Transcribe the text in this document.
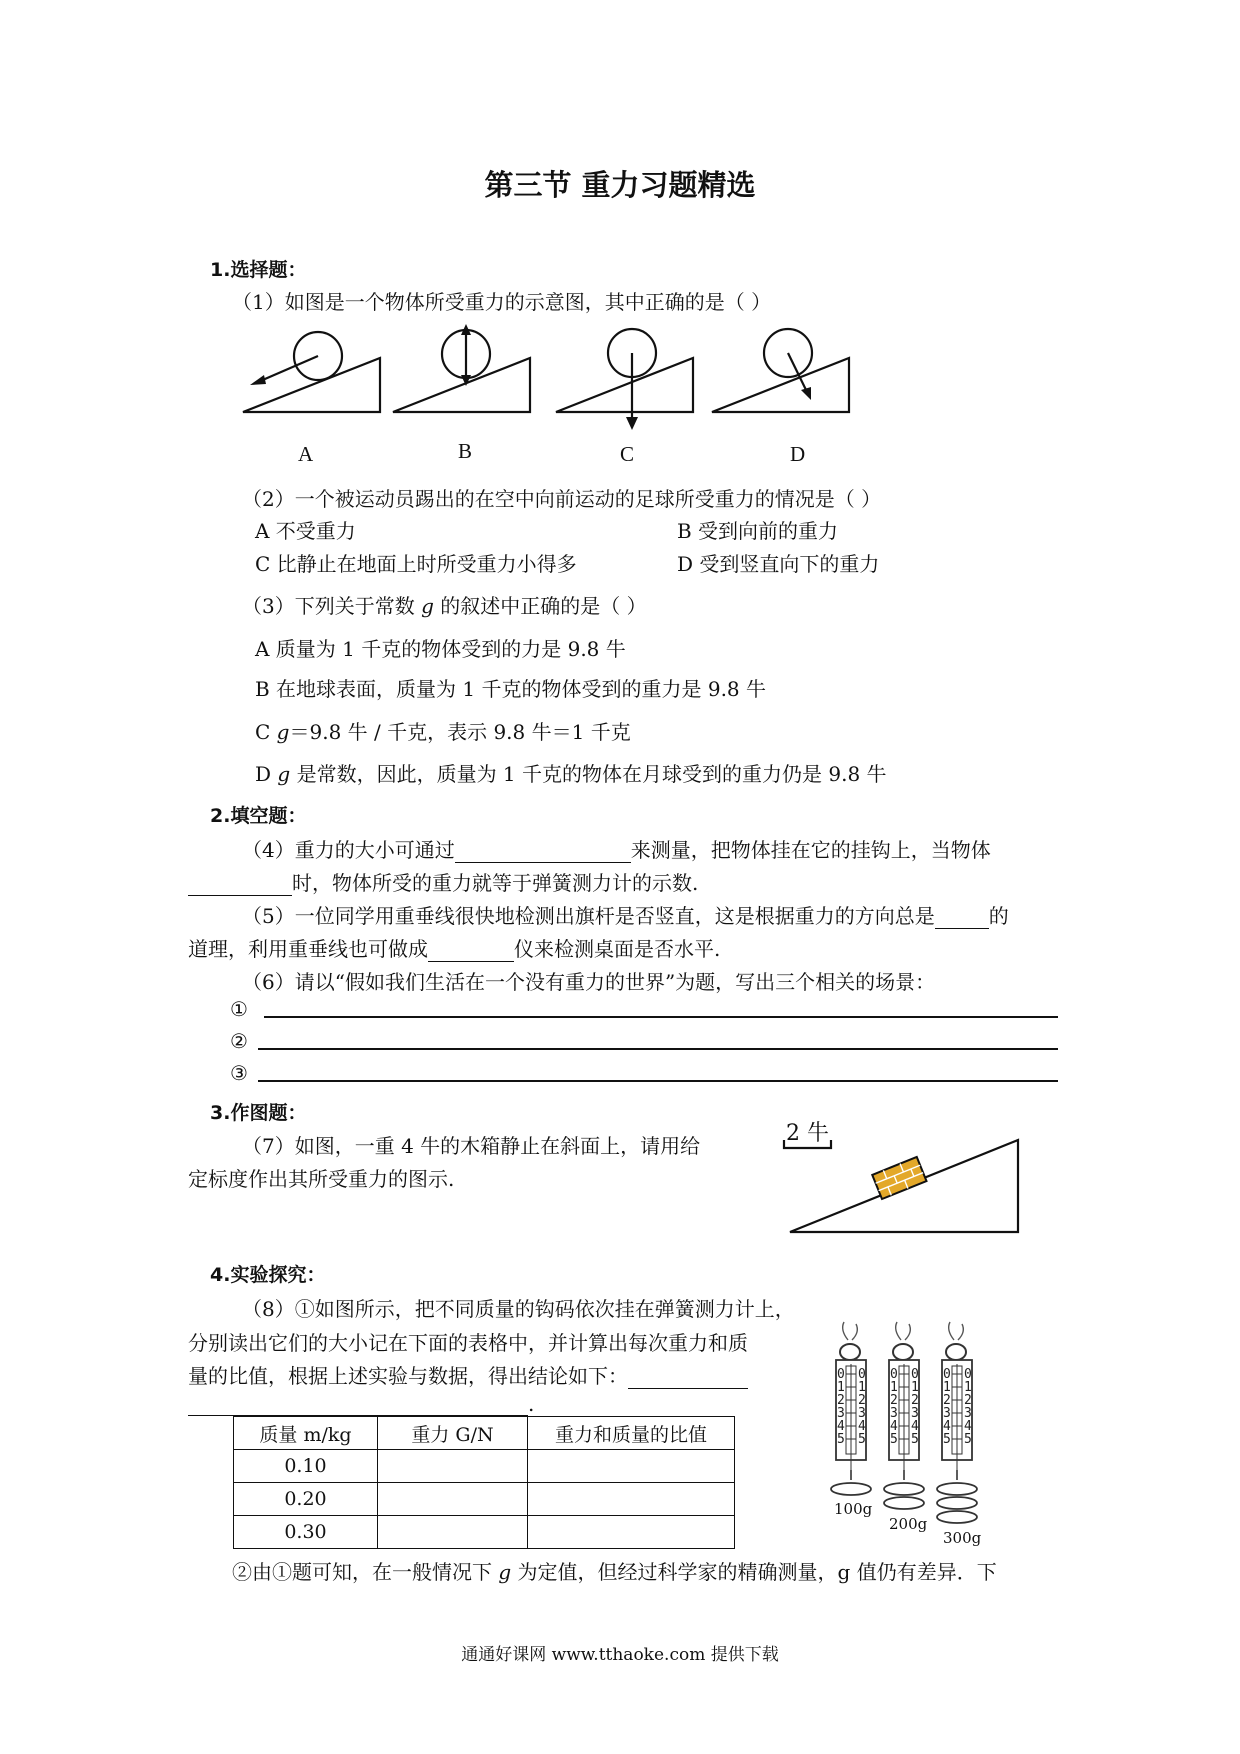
第三节 重力习题精选
1.选择题：
（1）如图是一个物体所受重力的示意图，其中正确的是（ ）
A	B	C	D
（2）一个被运动员踢出的在空中向前运动的足球所受重力的情况是（ ）
A 不受重力	B 受到向前的重力
C 比静止在地面上时所受重力小得多	D 受到竖直向下的重力
（3）下列关于常数 g 的叙述中正确的是（ ）
A 质量为 1 千克的物体受到的力是 9.8 牛
B 在地球表面，质量为 1 千克的物体受到的重力是 9.8 牛
C g＝9.8 牛 / 千克，表示 9.8 牛＝1 千克
D g 是常数，因此，质量为 1 千克的物体在月球受到的重力仍是 9.8 牛
2.填空题：
（4）重力的大小可通过	来测量，把物体挂在它的挂钩上，当物体
时，物体所受的重力就等于弹簧测力计的示数.
（5）一位同学用重垂线很快地检测出旗杆是否竖直，这是根据重力的方向总是	的
道理，利用重垂线也可做成	仪来检测桌面是否水平.
（6）请以“假如我们生活在一个没有重力的世界”为题，写出三个相关的场景：
①
②
③
3.作图题：
（7）如图，一重 4 牛的木箱静止在斜面上，请用给
定标度作出其所受重力的图示.
2 牛
4.实验探究：
（8）①如图所示，把不同质量的钩码依次挂在弹簧测力计上，
分别读出它们的大小记在下面的表格中，并计算出每次重力和质
量的比值，根据上述实验与数据，得出结论如下：
.
质量 m/kg	重力 G/N	重力和质量的比值
0.10		
0.20		
0.30		
0 0
1 1
2 2
3 3
4 4
5 5
0 0
1 1
2 2
3 3
4 4
5 5
0 0
1 1
2 2
3 3
4 4
5 5
100g
200g
300g
②由①题可知，在一般情况下 g 为定值，但经过科学家的精确测量，g 值仍有差异．下
通通好课网 www.tthaoke.com 提供下载
